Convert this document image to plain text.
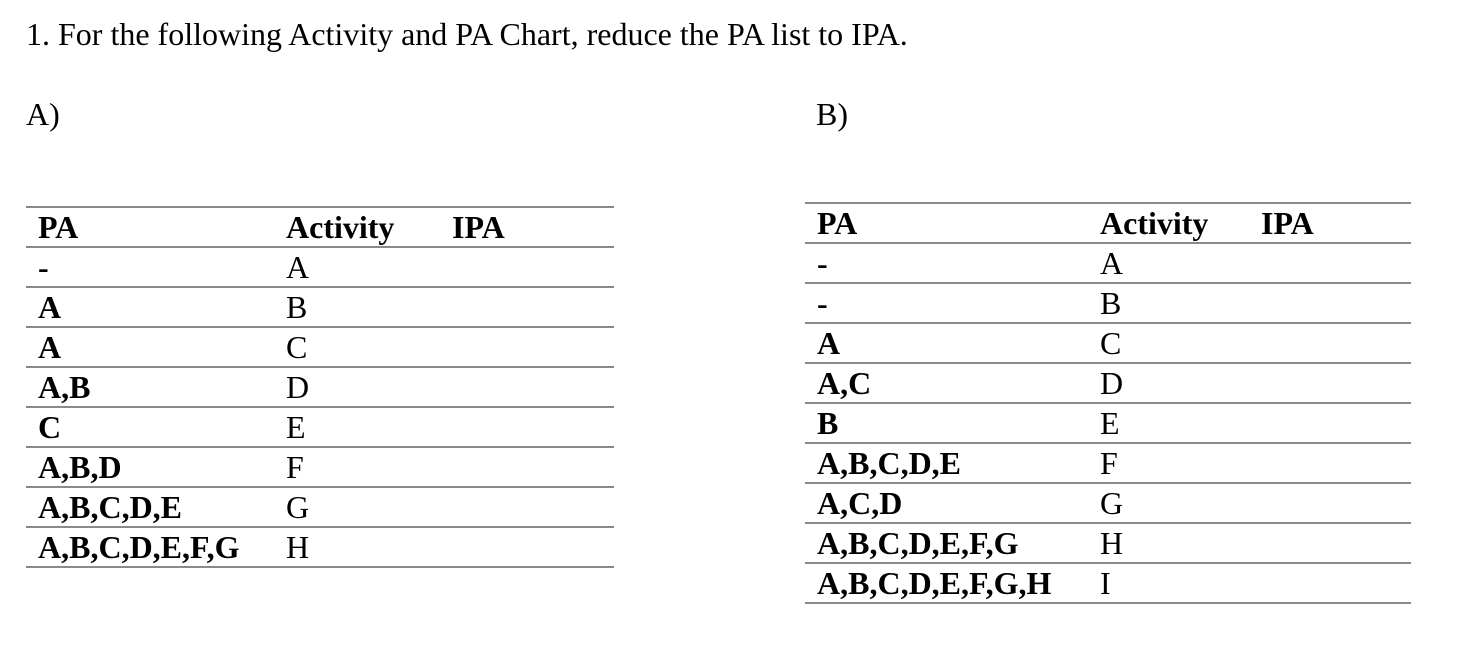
1. For the following Activity and PA Chart, reduce the PA list to IPA.
A)	B)
PA	Activity	IPA
-	A	
A	B	
A	C	
A,B	D	
C	E	
A,B,D	F	
A,B,C,D,E	G	
A,B,C,D,E,F,G	H	
PA	Activity	IPA
-	A	
-	B	
A	C	
A,C	D	
B	E	
A,B,C,D,E	F	
A,C,D	G	
A,B,C,D,E,F,G	H	
A,B,C,D,E,F,G,H	I	
